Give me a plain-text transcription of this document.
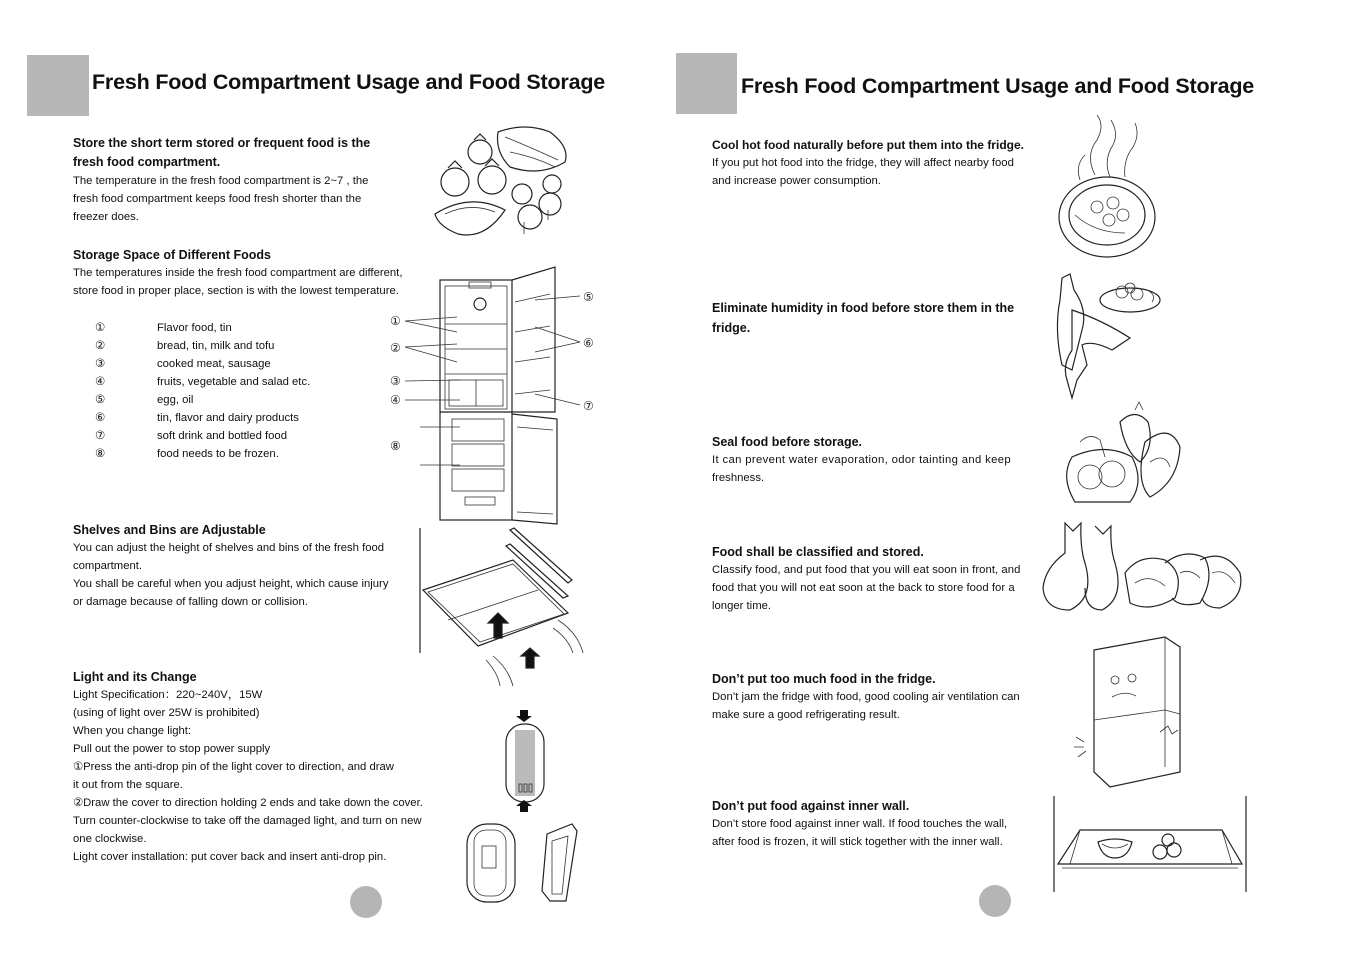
Fresh Food Compartment Usage and Food Storage
Store the short term stored or frequent food is the
fresh food compartment.
The temperature in the fresh food compartment is 2~7 , the
fresh food compartment keeps food fresh shorter than the
freezer does.
Storage Space of Different Foods
The temperatures inside the fresh food compartment are different,
store food in proper place, section is with the lowest temperature.
①	Flavor food, tin
②	bread, tin, milk and tofu
③	cooked meat, sausage
④	fruits, vegetable and salad etc.
⑤	egg, oil
⑥	tin, flavor and dairy products
⑦	soft drink and bottled food
⑧	food needs to be frozen.
①
②
③
④
⑤
⑥
⑦
⑧
Shelves and Bins are Adjustable
You can adjust the height of shelves and bins of the fresh food
compartment.
You shall be careful when you adjust height, which cause injury
or damage because of falling down or collision.
Light and its Change
Light Specification：220~240V，15W
(using of light over 25W is prohibited)
When you change light:
Pull out the power to stop power supply
①Press the anti-drop pin of the light cover to direction, and draw
it out from the square.
②Draw the cover to direction holding 2 ends and take down the cover.
Turn counter-clockwise to take off the damaged light, and turn on new
one clockwise.
Light cover installation: put cover back and insert anti-drop pin.
Fresh Food Compartment Usage and Food Storage
Cool hot food naturally before put them into the fridge.
If you put hot food into the fridge, they will affect nearby food
and increase power consumption.
Eliminate humidity in food before store them in the
fridge.
Seal food before storage.
It can prevent water evaporation, odor tainting and keep
freshness.
Food shall be classified and stored.
Classify food, and put food that you will eat soon in front, and
food that you will not eat soon at the back to store food for a
longer time.
Don’t put too much food in the fridge.
Don’t jam the fridge with food, good cooling air ventilation can
make sure a good refrigerating result.
Don’t put food against inner wall.
Don’t store food against inner wall. If food touches the wall,
after food is frozen, it will stick together with the inner wall.
